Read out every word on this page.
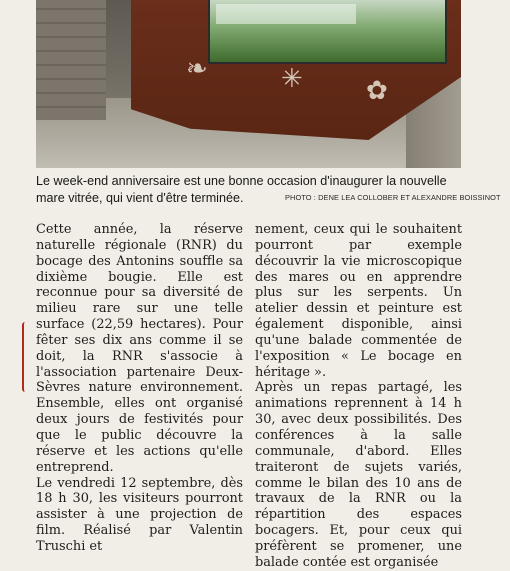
✳
❧
✿
Le week-end anniversaire est une bonne occasion d'inaugurer la nouvelle mare vitrée, qui vient d'être terminée.	PHOTO : DENE LEA COLLOBER ET ALEXANDRE BOISSINOT

Cette année, la réserve naturelle régionale (RNR) du bocage des Antonins souffle sa dixième bougie. Elle est reconnue pour sa diversité de milieu rare sur une telle surface (22,59 hectares). Pour fêter ses dix ans comme il se doit, la RNR s'associe à l'association partenaire Deux-Sèvres nature environnement. Ensemble, elles ont organisé deux jours de festivités pour que le public découvre la réserve et les actions qu'elle entreprend.

Le vendredi 12 septembre, dès 18 h 30, les visiteurs pourront assister à une projection de film. Réalisé par Valentin Truschi et

nement, ceux qui le souhaitent pourront par exemple découvrir la vie microscopique des mares ou en apprendre plus sur les serpents. Un atelier dessin et peinture est également disponible, ainsi qu'une balade commentée de l'exposition « Le bocage en héritage ».

Après un repas partagé, les animations reprennent à 14 h 30, avec deux possibilités. Des conférences à la salle communale, d'abord. Elles traiteront de sujets variés, comme le bilan des 10 ans de travaux de la RNR ou la répartition des espaces bocagers. Et, pour ceux qui préfèrent se promener, une balade contée est organisée
